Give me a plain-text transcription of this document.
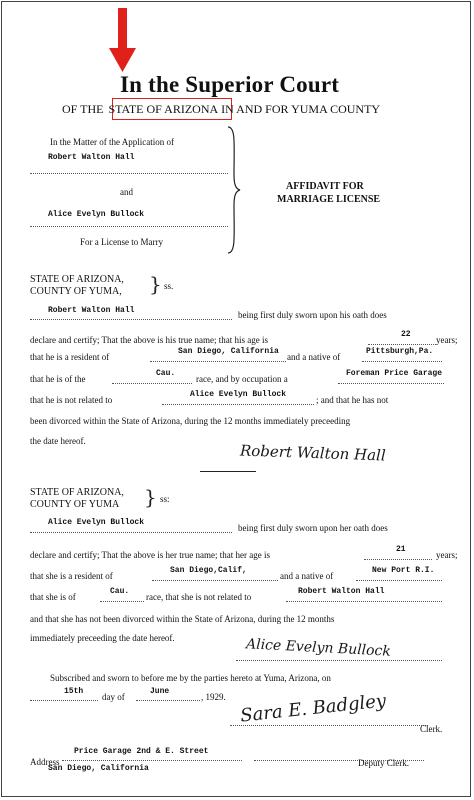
In the Superior Court
OF THE STATE OF ARIZONA IN AND FOR YUMA COUNTY
In the Matter of the Application of
Robert Walton Hall
and
Alice Evelyn Bullock
For a License to Marry
AFFIDAVIT FOR
MARRIAGE LICENSE
STATE OF ARIZONA,
COUNTY OF YUMA, } ss.
Robert Walton Hall	being first duly sworn upon his oath does
declare and certify; That the above is his true name; that his age is
22
years;
that he is a resident of
San Diego, California
and a native of
Pittsburgh,Pa.
that he is of the
Cau.
race, and by occupation a
Foreman Price Garage
that he is not related to
Alice Evelyn Bullock
; and that he has not
been divorced within the State of Arizona, during the 12 months immediately preceeding
the date hereof.
Robert Walton Hall
STATE OF ARIZONA,
COUNTY OF YUMA } ss:
Alice Evelyn Bullock
being first duly sworn upon her oath does
declare and certify; That the above is her true name; that her age is
21
years;
that she is a resident of
San Diego,Calif,
and a native of
New Port R.I.
that she is of
Cau.
race, that she is not related to
Robert Walton Hall
and that she has not been divorced within the State of Arizona, during the 12 months
immediately preceeding the date hereof.	Alice Evelyn Bullock
Subscribed and sworn to before me by the parties hereto at Yuma, Arizona, on
15th
day of
June
, 1929. Sara E. Badgley
Clerk.
Address
Price Garage 2nd & E. Street
San Diego, California
Deputy Clerk.
